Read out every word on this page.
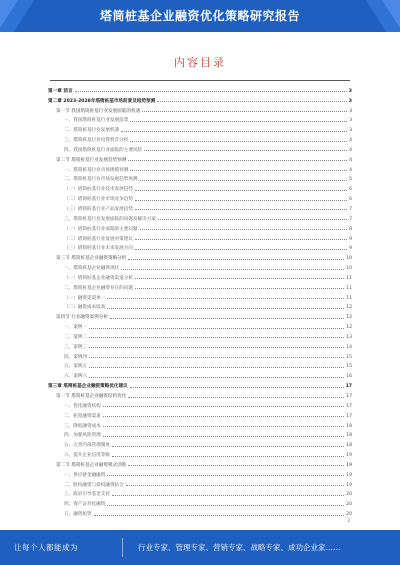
塔筒桩基企业融资优化策略研究报告
内容目录
第一章 前言	3
第二章 2023-2028年塔筒桩基市场前景及趋势预测	3
第一节 我国塔筒桩基行业发展面临的机遇	3
一、我国塔筒桩基行业发展前景	3
二、塔筒桩基行业发展机遇	3
三、塔筒桩基行业投资机会分析	4
四、我国塔筒桩基行业面临的主要风险	4
第二节 塔筒桩基行业发展趋势预测	4
一、塔筒桩基行业市场规模预测	4
二、塔筒桩基行业市场发展趋势预测	5
（一）塔筒桩基行业技术发展趋势	6
（二）塔筒桩基行业市场竞争趋势	6
（三）塔筒桩基行业产品发展趋势	7
三、塔筒桩基行业发展面临的问题及解决方案	7
（一）塔筒桩基行业面临的主要问题	8
（二）塔筒桩基行业发展对策建议	9
（三）塔筒桩基行业未来发展方向	9
第三节 塔筒桩基企业融资策略分析	10
一、塔筒桩基企业融资现状	10
（一）塔筒桩基企业融资渠道分析	11
二、塔筒桩基企业融资存在的问题	11
（一）融资渠道单一	11
（二）融资成本较高	12
第四节 行业融资案例分析	12
一、案例一	12
二、案例二	13
三、案例三	14
四、案例四	15
五、案例五	15
六、案例六	16
第三章 塔筒桩基企业融资策略优化建议	17
第一节 塔筒桩基企业融资结构优化	17
一、优化融资结构	17
二、拓宽融资渠道	17
三、降低融资成本	18
四、加强风险管理	18
五、完善内部管理制度	18
六、提升企业信用等级	19
第二节 塔筒桩基企业融资模式创新	19
一、供应链金融融资	19
二、股权融资与债权融资结合	19
三、政府引导基金支持	20
四、资产证券化融资	20
五、融资租赁	20
2
让每个人都能成为	行业专家、管理专家、营销专家、战略专家、成功企业家……
